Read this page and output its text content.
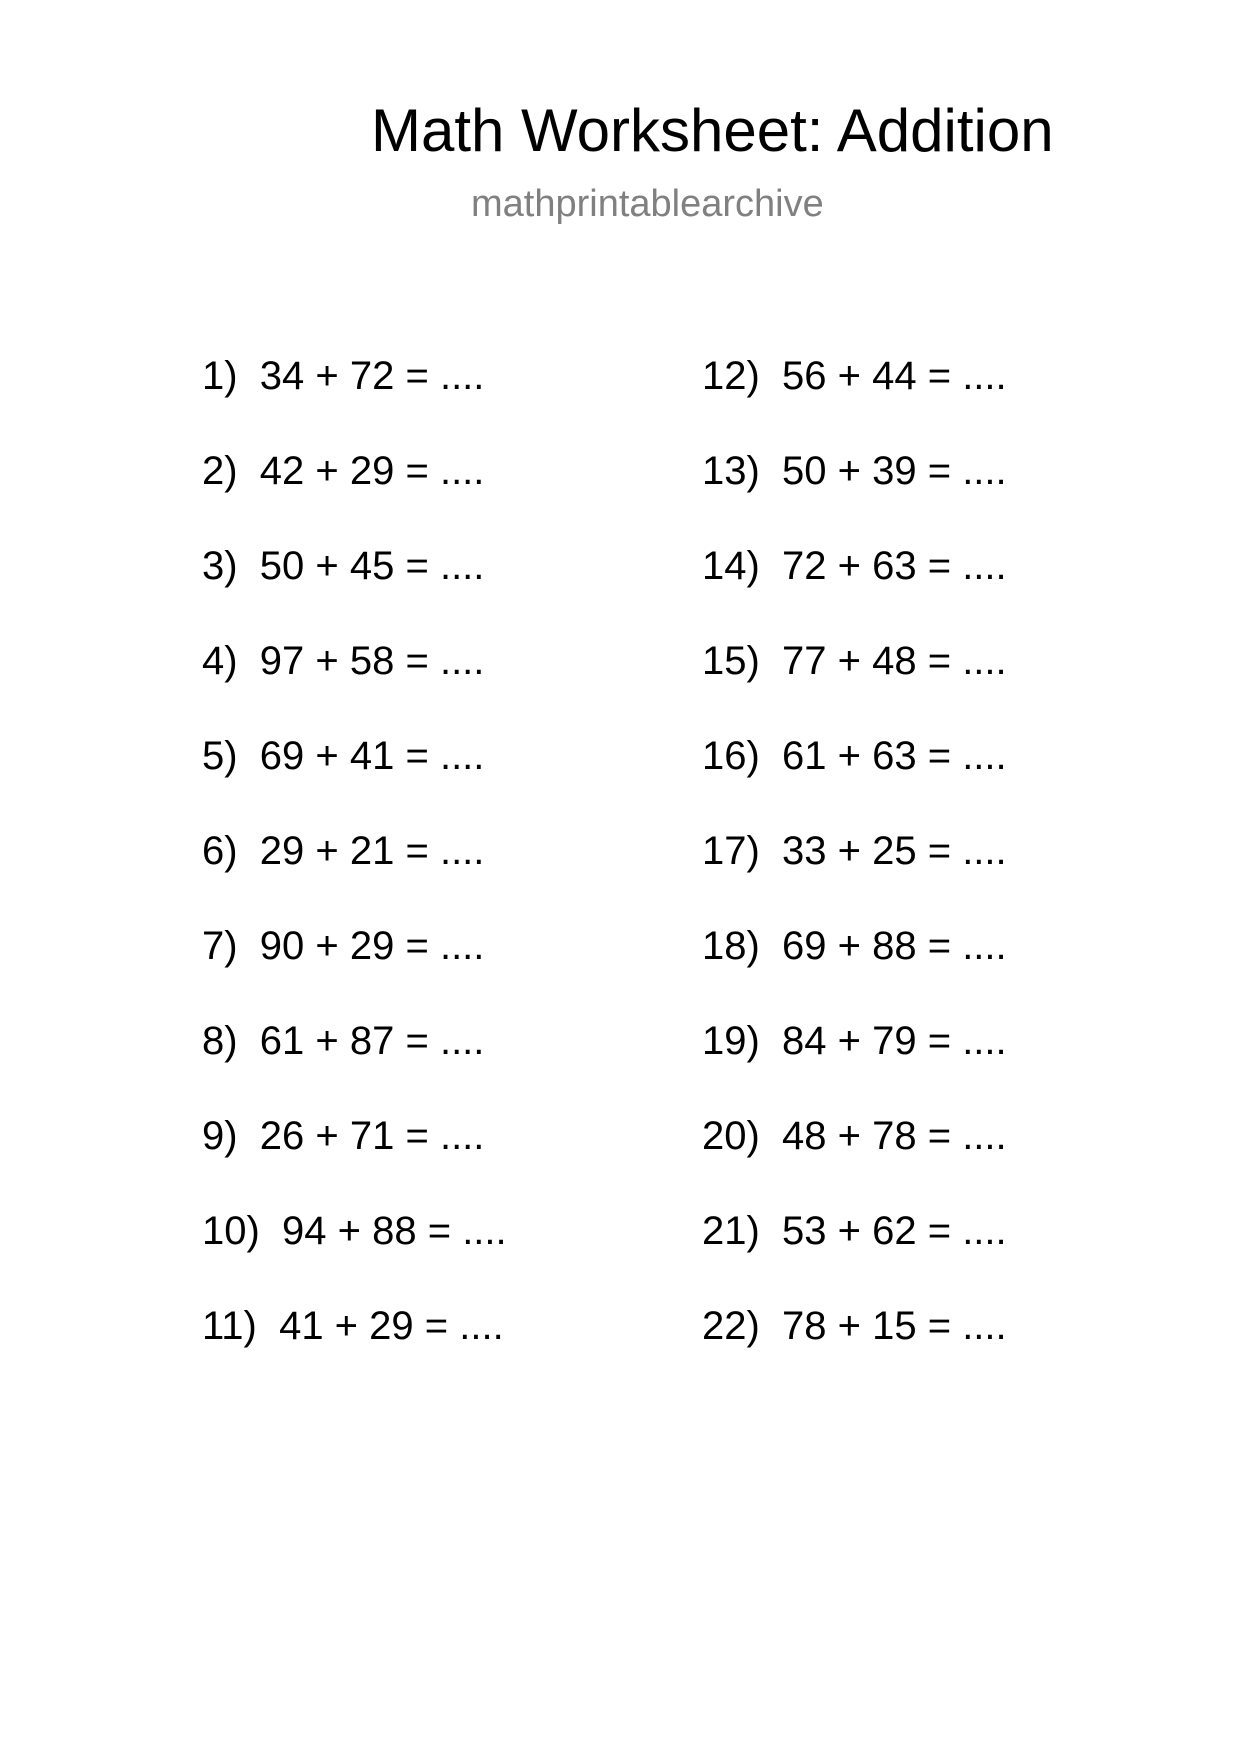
Math Worksheet: Addition
mathprintablearchive
1)  34 + 72 = ....
2)  42 + 29 = ....
3)  50 + 45 = ....
4)  97 + 58 = ....
5)  69 + 41 = ....
6)  29 + 21 = ....
7)  90 + 29 = ....
8)  61 + 87 = ....
9)  26 + 71 = ....
10)  94 + 88 = ....
11)  41 + 29 = ....
12)  56 + 44 = ....
13)  50 + 39 = ....
14)  72 + 63 = ....
15)  77 + 48 = ....
16)  61 + 63 = ....
17)  33 + 25 = ....
18)  69 + 88 = ....
19)  84 + 79 = ....
20)  48 + 78 = ....
21)  53 + 62 = ....
22)  78 + 15 = ....
